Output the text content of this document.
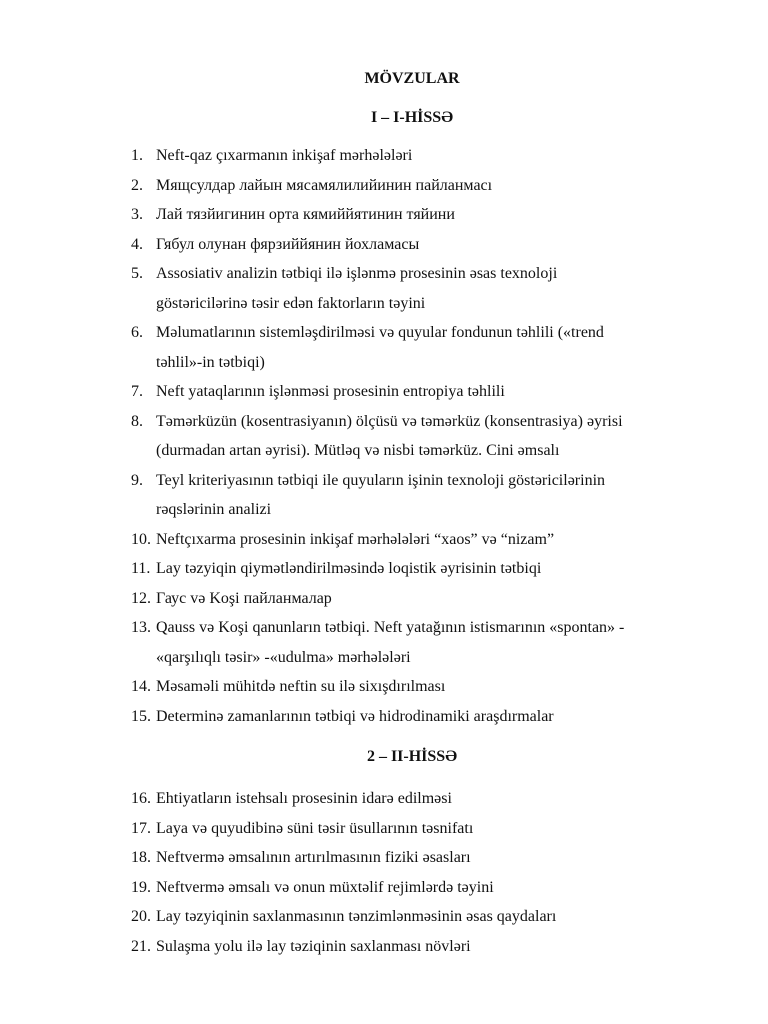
MÖVZULAR
I – I-HİSSƏ
1. Neft-qaz çıxarmanın inkişaf mərhələləri
2. Мящсулдар лайын мясамялилийинин пайланмасı
3. Лай тязйигинин орта кямиййятинин тяйини
4. Гябул олунан фярзиййянин йохламасы
5. Assosiativ analizin tətbiqi ilə işlənmə prosesinin əsas texnoloji
göstəricilərinə təsir edən faktorların təyini
6. Məlumatlarının sistemləşdirilməsi və quyular fondunun təhlili («trend
təhlil»-in tətbiqi)
7. Neft yataqlarının işlənməsi prosesinin entropiya təhlili
8. Təmərküzün (kosentrasiyanın) ölçüsü və təmərküz (konsentrasiya) əyrisi
(durmadan artan əyrisi). Mütləq və nisbi təmərküz. Cini əmsalı
9. Teyl kriteriyasının tətbiqi ile quyuların işinin texnoloji göstəricilərinin
rəqslərinin analizi
10. Neftçıxarma prosesinin inkişaf mərhələləri “xaos” və “nizam”
11. Lay təzyiqin qiymətləndirilməsində loqistik əyrisinin tətbiqi
12. Гаус və Koşi пайланмалар
13. Qauss və Koşi qanunların tətbiqi. Neft yatağının istismarının «spontan» -
«qarşılıqlı təsir» -«udulma» mərhələləri
14. Məsaməli mühitdə neftin su ilə sixışdırılması
15. Determinə zamanlarının tətbiqi və hidrodinamiki araşdırmalar
2 – II-HİSSƏ
16. Ehtiyatların istehsalı prosesinin idarə edilməsi
17. Laya və quyudibinə süni təsir üsullarının təsnifatı
18. Neftvermə əmsalının artırılmasının fiziki əsasları
19. Neftvermə əmsalı və onun müxtəlif rejimlərdə təyini
20. Lay təzyiqinin saxlanmasının tənzimlənməsinin əsas qaydaları
21. Sulaşma yolu ilə lay təziqinin saxlanması növləri
